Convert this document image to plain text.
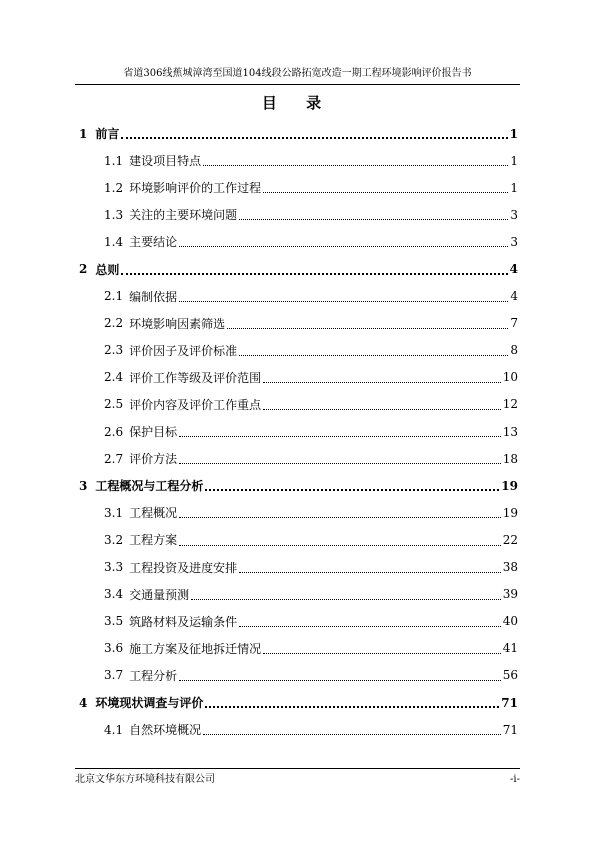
省道306线蕉城漳湾至国道104线段公路拓宽改造一期工程环境影响评价报告书
目 录
1 前言	1
1.1 建设项目特点	1
1.2 环境影响评价的工作过程	1
1.3 关注的主要环境问题	3
1.4 主要结论	3
2 总则	4
2.1 编制依据	4
2.2 环境影响因素筛选	7
2.3 评价因子及评价标准	8
2.4 评价工作等级及评价范围	10
2.5 评价内容及评价工作重点	12
2.6 保护目标	13
2.7 评价方法	18
3 工程概况与工程分析	19
3.1 工程概况	19
3.2 工程方案	22
3.3 工程投资及进度安排	38
3.4 交通量预测	39
3.5 筑路材料及运输条件	40
3.6 施工方案及征地拆迁情况	41
3.7 工程分析	56
4 环境现状调查与评价	71
4.1 自然环境概况	71
北京文华东方环境科技有限公司	-i-
